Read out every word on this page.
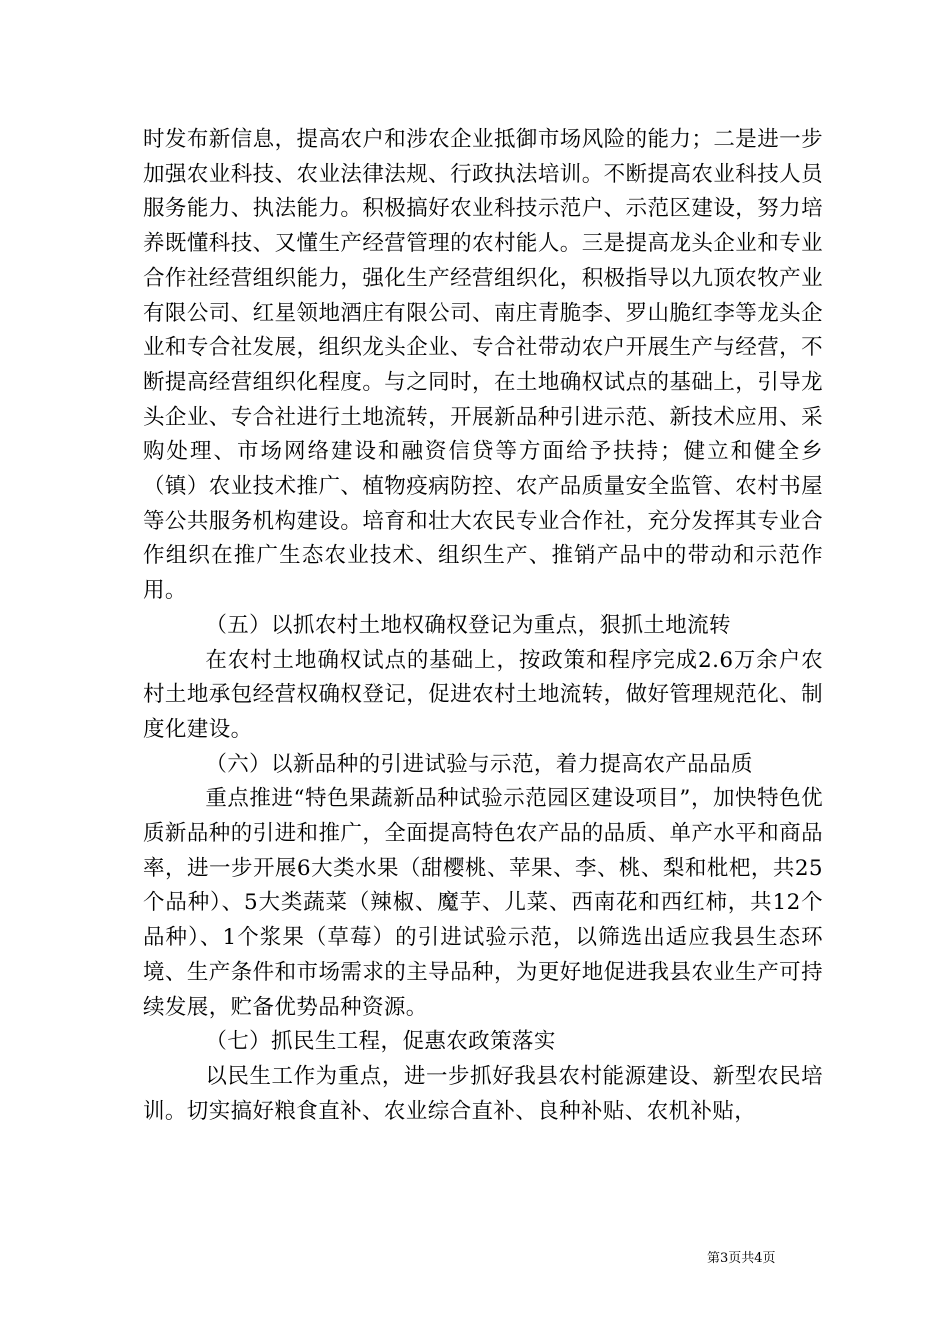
时发布新信息，提高农户和涉农企业抵御市场风险的能力；二是进一步加强农业科技、农业法律法规、行政执法培训。不断提高农业科技人员服务能力、执法能力。积极搞好农业科技示范户、示范区建设，努力培养既懂科技、又懂生产经营管理的农村能人。三是提高龙头企业和专业合作社经营组织能力，强化生产经营组织化，积极指导以九顶农牧产业有限公司、红星领地酒庄有限公司、南庄青脆李、罗山脆红李等龙头企业和专合社发展，组织龙头企业、专合社带动农户开展生产与经营，不断提高经营组织化程度。与之同时，在土地确权试点的基础上，引导龙头企业、专合社进行土地流转，开展新品种引进示范、新技术应用、采购处理、市场网络建设和融资信贷等方面给予扶持；健立和健全乡（镇）农业技术推广、植物疫病防控、农产品质量安全监管、农村书屋等公共服务机构建设。培育和壮大农民专业合作社，充分发挥其专业合作组织在推广生态农业技术、组织生产、推销产品中的带动和示范作用。

（五）以抓农村土地权确权登记为重点，狠抓土地流转

在农村土地确权试点的基础上，按政策和程序完成2.6万余户农村土地承包经营权确权登记，促进农村土地流转，做好管理规范化、制度化建设。

（六）以新品种的引进试验与示范，着力提高农产品品质

重点推进“特色果蔬新品种试验示范园区建设项目”，加快特色优质新品种的引进和推广，全面提高特色农产品的品质、单产水平和商品率，进一步开展6大类水果（甜樱桃、苹果、李、桃、梨和枇杷，共25个品种）、5大类蔬菜（辣椒、魔芋、儿菜、西南花和西红柿，共12个品种）、1个浆果（草莓）的引进试验示范，以筛选出适应我县生态环境、生产条件和市场需求的主导品种，为更好地促进我县农业生产可持续发展，贮备优势品种资源。

（七）抓民生工程，促惠农政策落实

以民生工作为重点，进一步抓好我县农村能源建设、新型农民培训。切实搞好粮食直补、农业综合直补、良种补贴、农机补贴，

第3页共4页
